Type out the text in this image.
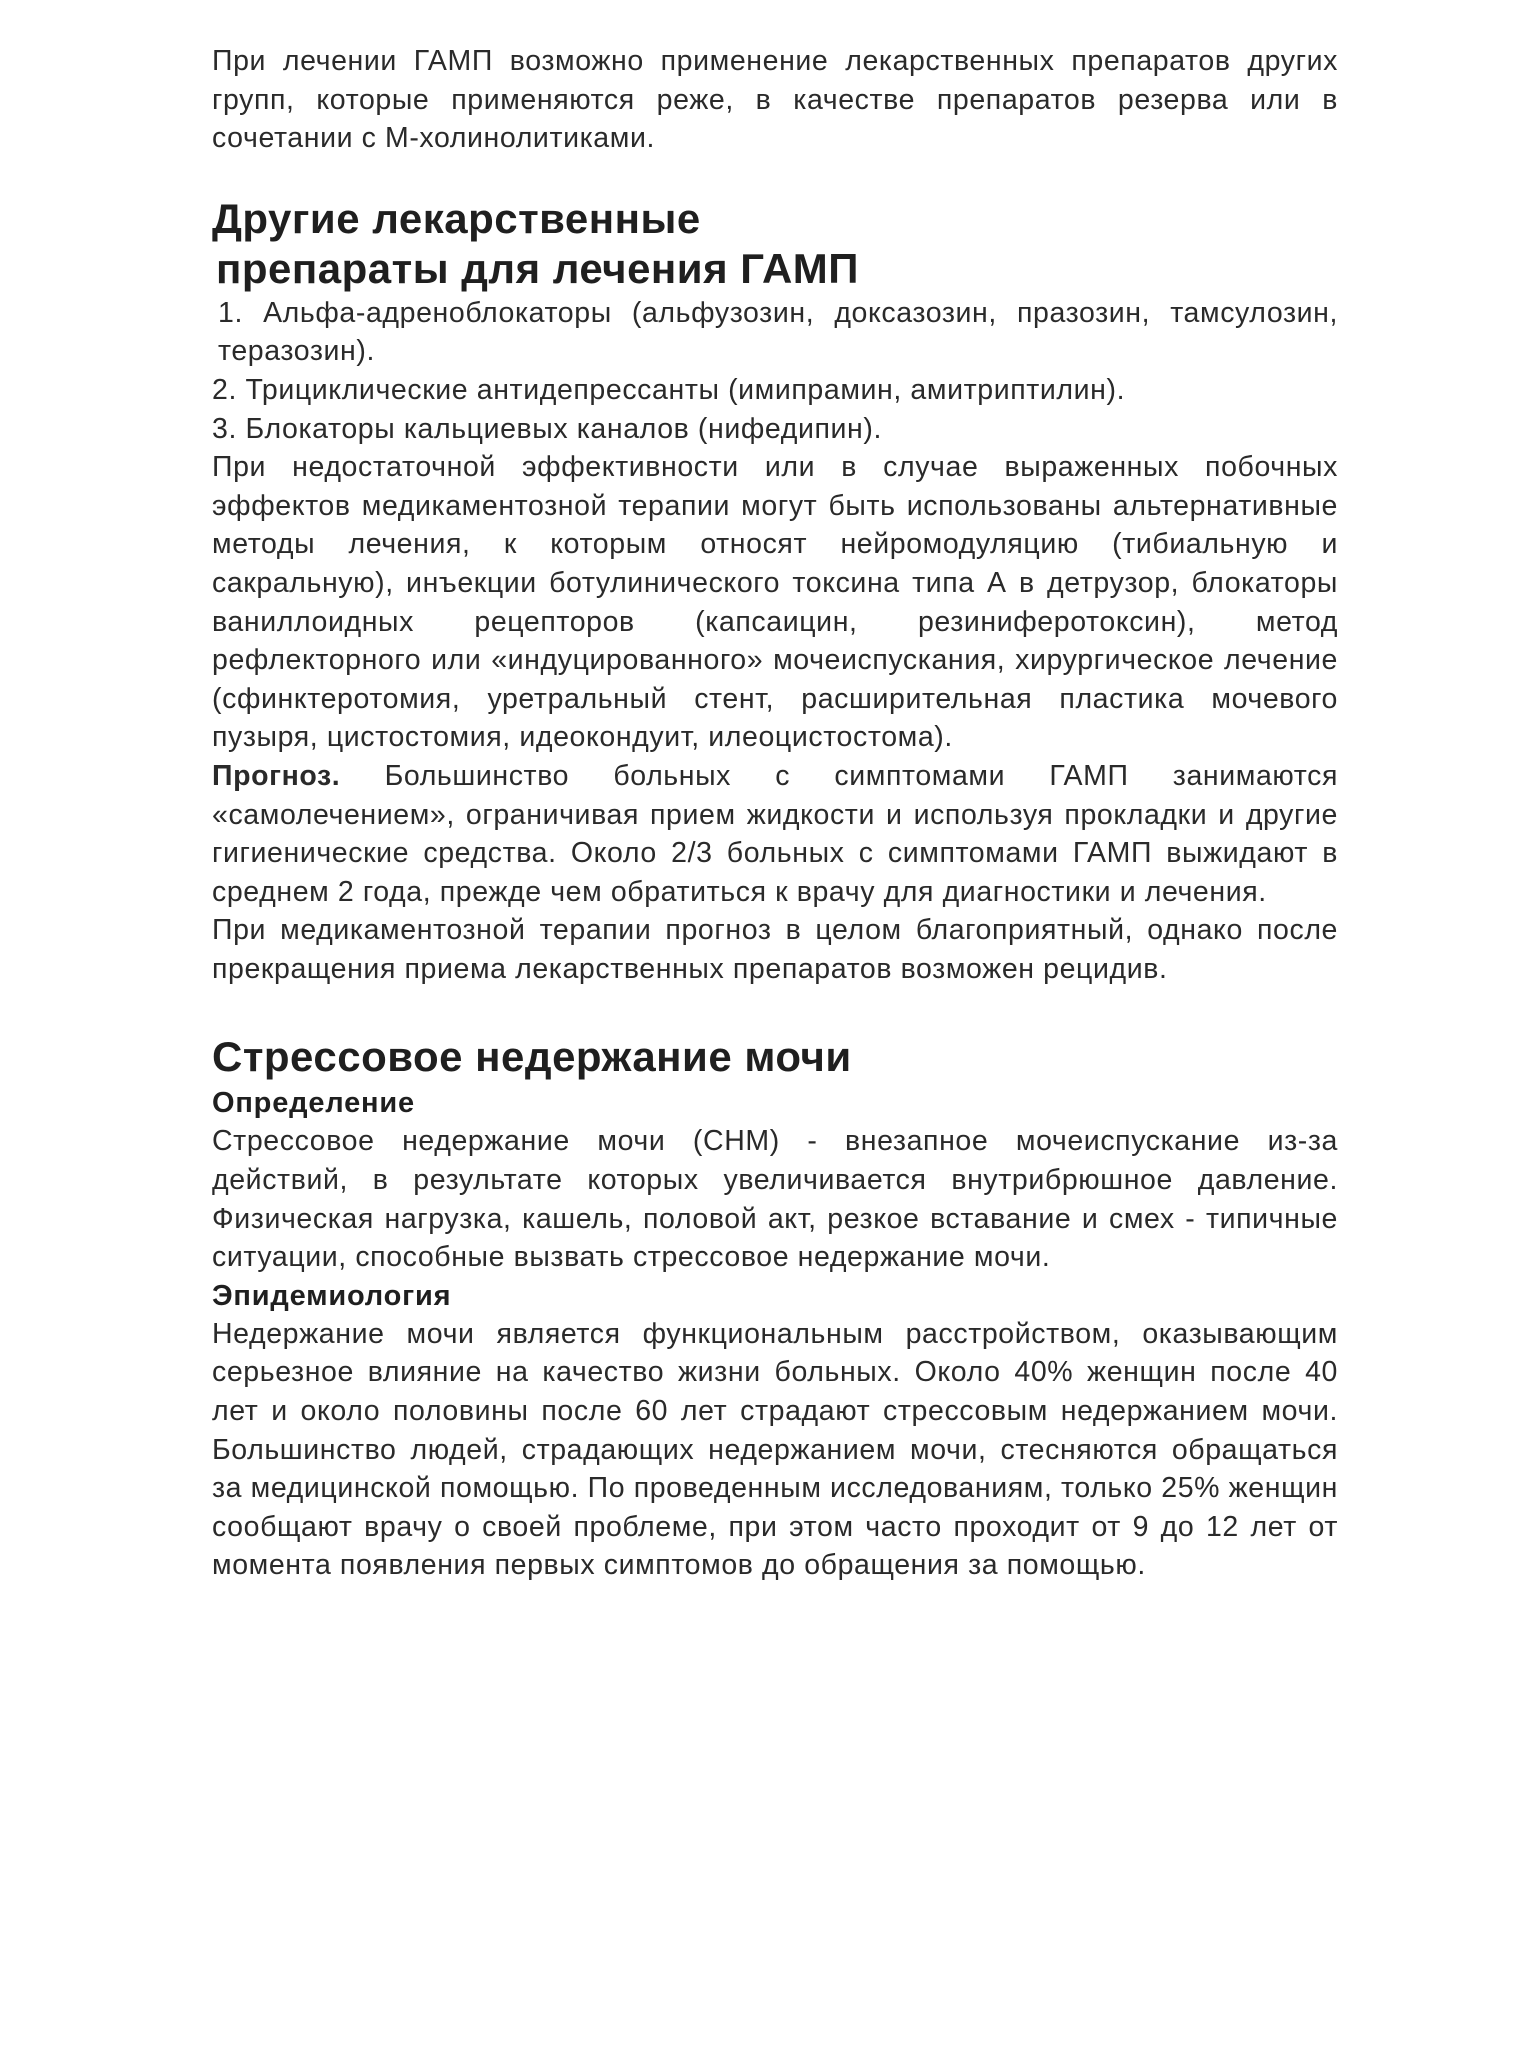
При лечении ГАМП возможно применение лекарственных препаратов других групп, которые применяются реже, в качестве препаратов резерва или в сочетании с М-холинолитиками.

Другие лекарственные
препараты для лечения ГАМП

1. Альфа-адреноблокаторы (альфузозин, доксазозин, празозин, тамсулозин, теразозин).

2. Трициклические антидепрессанты (имипрамин, амитриптилин).

3. Блокаторы кальциевых каналов (нифедипин).

При недостаточной эффективности или в случае выраженных побочных эффектов медикаментозной терапии могут быть использованы альтернативные методы лечения, к которым относят нейромодуляцию (тибиальную и сакральную), инъекции ботулинического токсина типа А в детрузор, блокаторы ваниллоидных рецепторов (капсаицин, резиниферотоксин), метод рефлекторного или «индуцированного» мочеиспускания, хирургическое лечение (сфинктеротомия, уретральный стент, расширительная пластика мочевого пузыря, цистостомия, идеокондуит, илеоцистостома).

Прогноз. Большинство больных с симптомами ГАМП занимаются «самолечением», ограничивая прием жидкости и используя прокладки и другие гигиенические средства. Около 2/3 больных с симптомами ГАМП выжидают в среднем 2 года, прежде чем обратиться к врачу для диагностики и лечения.

При медикаментозной терапии прогноз в целом благоприятный, однако после прекращения приема лекарственных препаратов возможен рецидив.

Стрессовое недержание мочи
Определение

Стрессовое недержание мочи (СНМ) - внезапное мочеиспускание из-за действий, в результате которых увеличивается внутрибрюшное давление. Физическая нагрузка, кашель, половой акт, резкое вставание и смех - типичные ситуации, способные вызвать стрессовое недержание мочи.

Эпидемиология

Недержание мочи является функциональным расстройством, оказывающим серьезное влияние на качество жизни больных. Около 40% женщин после 40 лет и около половины после 60 лет страдают стрессовым недержанием мочи. Большинство людей, страдающих недержанием мочи, стесняются обращаться за медицинской помощью. По проведенным исследованиям, только 25% женщин сообщают врачу о своей проблеме, при этом часто проходит от 9 до 12 лет от момента появления первых симптомов до обращения за помощью.
